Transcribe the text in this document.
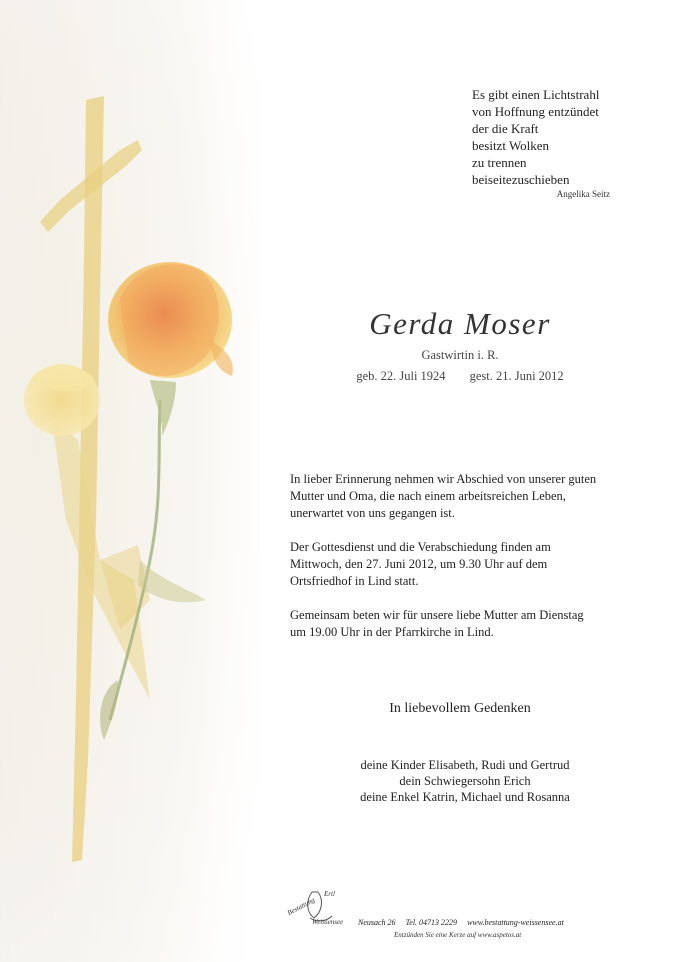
Es gibt einen Lichtstrahl
von Hoffnung entzündet
der die Kraft
besitzt Wolken
zu trennen
beiseitezuschieben
Angelika Seitz
Gerda Moser
Gastwirtin i. R.
geb. 22. Juli 1924 gest. 21. Juni 2012

In lieber Erinnerung nehmen wir Abschied von unserer guten
Mutter und Oma, die nach einem arbeitsreichen Leben,
unerwartet von uns gegangen ist.

Der Gottesdienst und die Verabschiedung finden am
Mittwoch, den 27. Juni 2012, um 9.30 Uhr auf dem
Ortsfriedhof in Lind statt.

Gemeinsam beten wir für unsere liebe Mutter am Dienstag
um 19.00 Uhr in der Pfarrkirche in Lind.

In liebevollem Gedenken
deine Kinder Elisabeth, Rudi und Gertrud
dein Schwiegersohn Erich
deine Enkel Katrin, Michael und Rosanna
Ertl
Bestattung
Weissensee Neusach 26 Tel. 04713 2229 www.bestattung-weissensee.at
Entzünden Sie eine Kerze auf www.aspetos.at
